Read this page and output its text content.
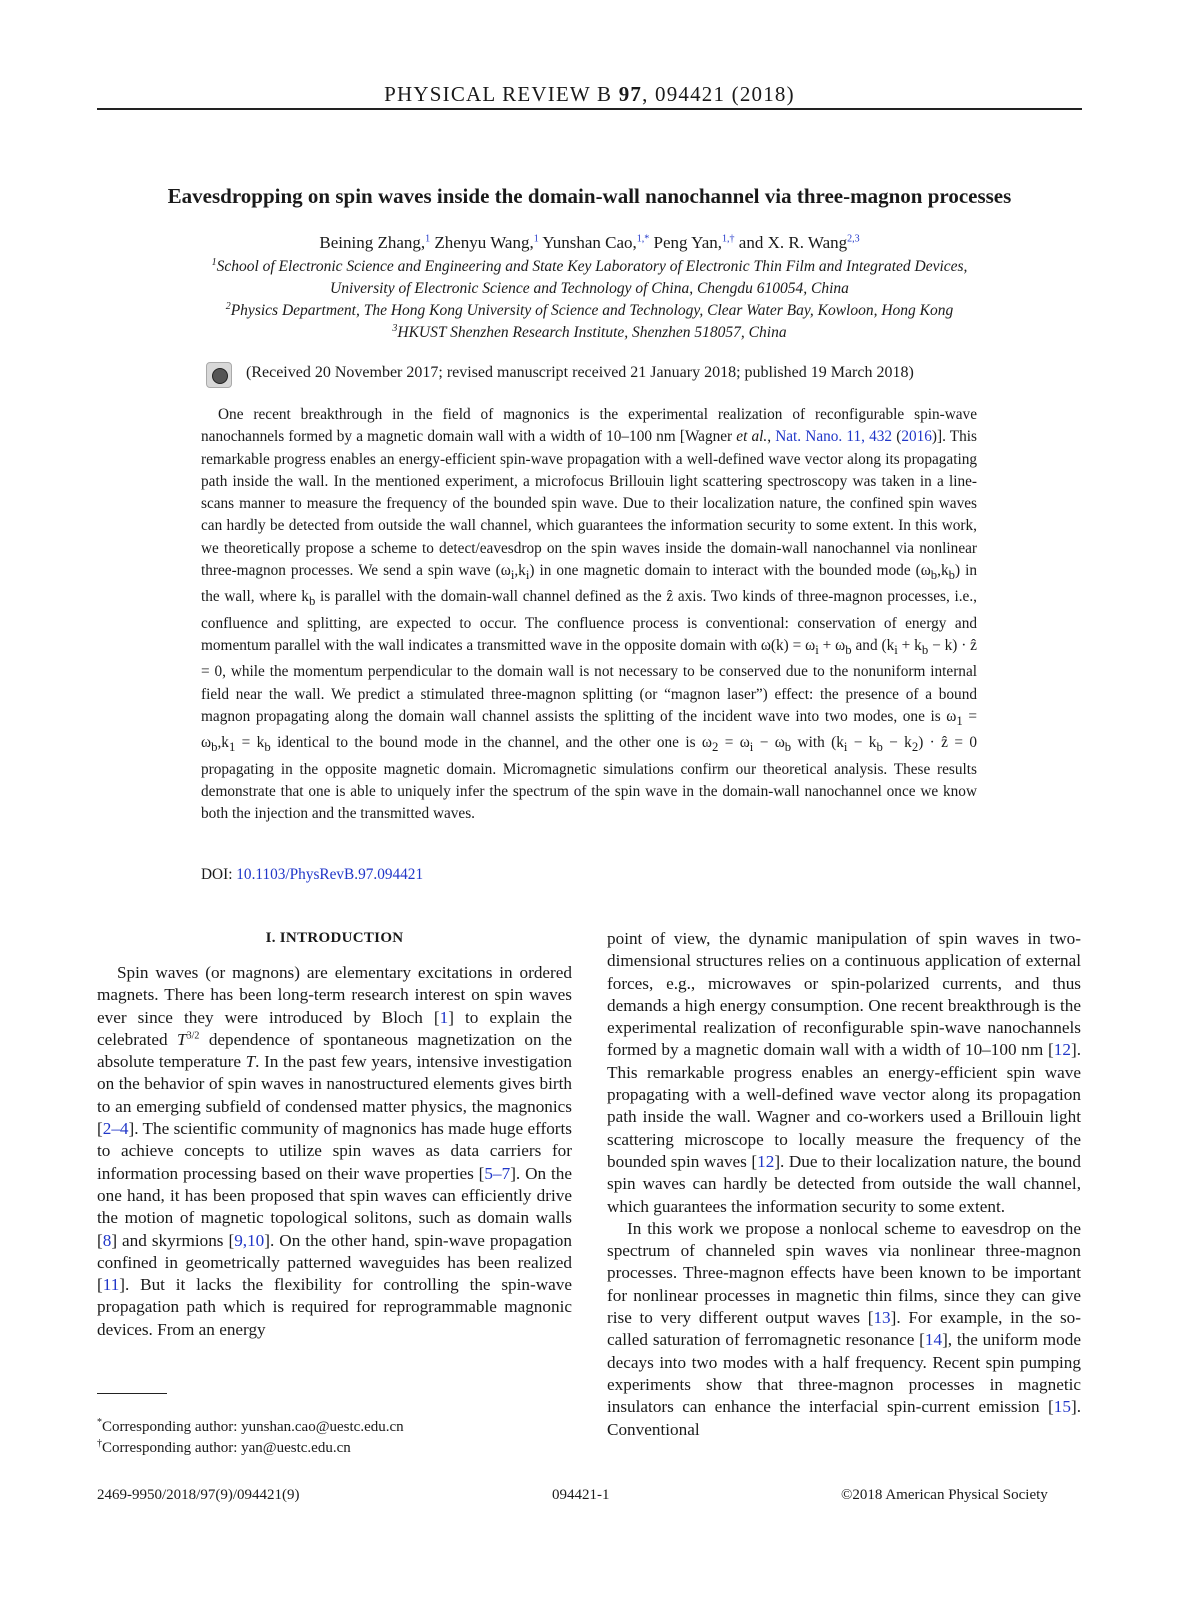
PHYSICAL REVIEW B 97, 094421 (2018)
Eavesdropping on spin waves inside the domain-wall nanochannel via three-magnon processes
Beining Zhang,$^1$ Zhenyu Wang,$^1$ Yunshan Cao,$^{1,*}$ Peng Yan,$^{1,\dagger}$ and X. R. Wang$^{2,3}$
$^1$School of Electronic Science and Engineering and State Key Laboratory of Electronic Thin Film and Integrated Devices,
University of Electronic Science and Technology of China, Chengdu 610054, China
$^2$Physics Department, The Hong Kong University of Science and Technology, Clear Water Bay, Kowloon, Hong Kong
$^3$HKUST Shenzhen Research Institute, Shenzhen 518057, China
(Received 20 November 2017; revised manuscript received 21 January 2018; published 19 March 2018)
One recent breakthrough in the field of magnonics is the experimental realization of reconfigurable spin-wave nanochannels formed by a magnetic domain wall with a width of 10–100 nm [Wagner et al., Nat. Nano. 11, 432 (2016)]. This remarkable progress enables an energy-efficient spin-wave propagation with a well-defined wave vector along its propagating path inside the wall. In the mentioned experiment, a microfocus Brillouin light scattering spectroscopy was taken in a line-scans manner to measure the frequency of the bounded spin wave. Due to their localization nature, the confined spin waves can hardly be detected from outside the wall channel, which guarantees the information security to some extent. In this work, we theoretically propose a scheme to detect/eavesdrop on the spin waves inside the domain-wall nanochannel via nonlinear three-magnon processes. We send a spin wave $(\omega_i,k_i)$ in one magnetic domain to interact with the bounded mode $(\omega_b,k_b)$ in the wall, where $k_b$ is parallel with the domain-wall channel defined as the ẑ axis. Two kinds of three-magnon processes, i.e., confluence and splitting, are expected to occur. The confluence process is conventional: conservation of energy and momentum parallel with the wall indicates a transmitted wave in the opposite domain with $\omega(k) = \omega_i + \omega_b$ and $(k_i + k_b - k)$ · ẑ = 0, while the momentum perpendicular to the domain wall is not necessary to be conserved due to the nonuniform internal field near the wall. We predict a stimulated three-magnon splitting (or “magnon laser”) effect: the presence of a bound magnon propagating along the domain wall channel assists the splitting of the incident wave into two modes, one is $\omega_1 = \omega_b,k_1 = k_b$ identical to the bound mode in the channel, and the other one is $\omega_2 = \omega_i - \omega_b$ with $(k_i - k_b - k_2)$ · ẑ = 0 propagating in the opposite magnetic domain. Micromagnetic simulations confirm our theoretical analysis. These results demonstrate that one is able to uniquely infer the spectrum of the spin wave in the domain-wall nanochannel once we know both the injection and the transmitted waves.
DOI: 10.1103/PhysRevB.97.094421
I. INTRODUCTION
Spin waves (or magnons) are elementary excitations in ordered magnets. There has been long-term research interest on spin waves ever since they were introduced by Bloch [1] to explain the celebrated $T^{3/2}$ dependence of spontaneous magnetization on the absolute temperature T. In the past few years, intensive investigation on the behavior of spin waves in nanostructured elements gives birth to an emerging subfield of condensed matter physics, the magnonics [2–4]. The scientific community of magnonics has made huge efforts to achieve concepts to utilize spin waves as data carriers for information processing based on their wave properties [5–7]. On the one hand, it has been proposed that spin waves can efficiently drive the motion of magnetic topological solitons, such as domain walls [8] and skyrmions [9,10]. On the other hand, spin-wave propagation confined in geometrically patterned waveguides has been realized [11]. But it lacks the flexibility for controlling the spin-wave propagation path which is required for reprogrammable magnonic devices. From an energy

point of view, the dynamic manipulation of spin waves in two-dimensional structures relies on a continuous application of external forces, e.g., microwaves or spin-polarized currents, and thus demands a high energy consumption. One recent breakthrough is the experimental realization of reconfigurable spin-wave nanochannels formed by a magnetic domain wall with a width of 10–100 nm [12]. This remarkable progress enables an energy-efficient spin wave propagating with a well-defined wave vector along its propagation path inside the wall. Wagner and co-workers used a Brillouin light scattering microscope to locally measure the frequency of the bounded spin waves [12]. Due to their localization nature, the bound spin waves can hardly be detected from outside the wall channel, which guarantees the information security to some extent.

In this work we propose a nonlocal scheme to eavesdrop on the spectrum of channeled spin waves via nonlinear three-magnon processes. Three-magnon effects have been known to be important for nonlinear processes in magnetic thin films, since they can give rise to very different output waves [13]. For example, in the so-called saturation of ferromagnetic resonance [14], the uniform mode decays into two modes with a half frequency. Recent spin pumping experiments show that three-magnon processes in magnetic insulators can enhance the interfacial spin-current emission [15]. Conventional

*Corresponding author: yunshan.cao@uestc.edu.cn
†Corresponding author: yan@uestc.edu.cn
2469-9950/2018/97(9)/094421(9)	094421-1	©2018 American Physical Society
